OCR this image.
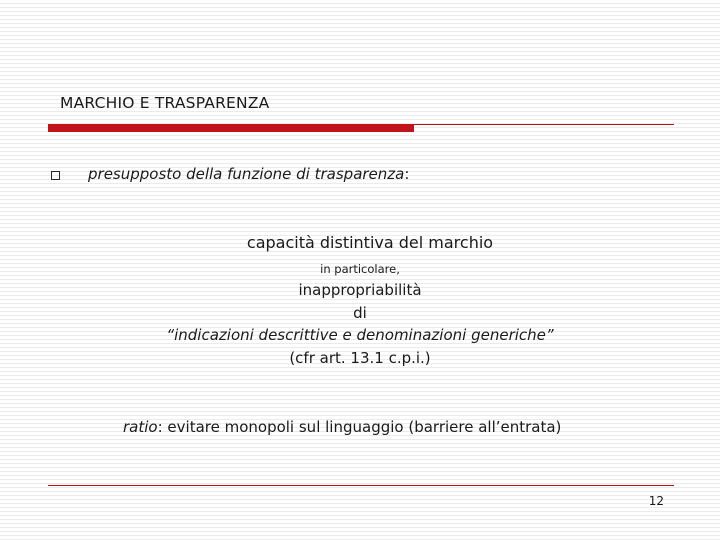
MARCHIO E TRASPARENZA
presupposto della funzione di trasparenza:
capacità distintiva del marchio
in particolare,
inappropriabilità
di
“indicazioni descrittive e denominazioni generiche”
(cfr art. 13.1 c.p.i.)
ratio: evitare monopoli sul linguaggio (barriere all’entrata)
12
